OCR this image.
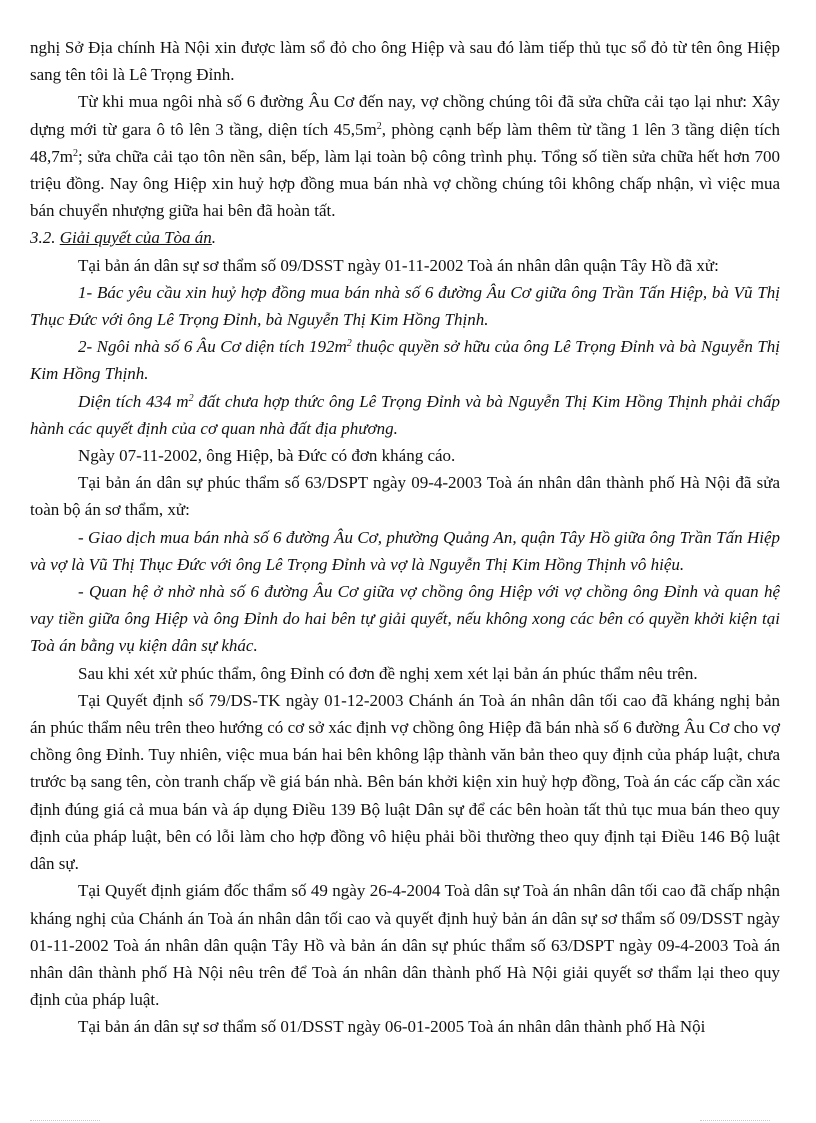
nghị Sở Địa chính Hà Nội xin được làm sổ đỏ cho ông Hiệp và sau đó làm tiếp thủ tục sổ đỏ từ tên ông Hiệp sang tên tôi là Lê Trọng Đỉnh.

Từ khi mua ngôi nhà số 6 đường Âu Cơ đến nay, vợ chồng chúng tôi đã sửa chữa cải tạo lại như: Xây dựng mới từ gara ô tô lên 3 tầng, diện tích $45,5m^2$, phòng cạnh bếp làm thêm từ tầng 1 lên 3 tầng diện tích $48,7m^2$; sửa chữa cải tạo tôn nền sân, bếp, làm lại toàn bộ công trình phụ. Tổng số tiền sửa chữa hết hơn 700 triệu đồng. Nay ông Hiệp xin huỷ hợp đồng mua bán nhà vợ chồng chúng tôi không chấp nhận, vì việc mua bán chuyển nhượng giữa hai bên đã hoàn tất.

3.2. Giải quyết của Tòa án.

Tại bản án dân sự sơ thẩm số 09/DSST ngày 01-11-2002 Toà án nhân dân quận Tây Hồ đã xử:

1- Bác yêu cầu xin huỷ hợp đồng mua bán nhà số 6 đường Âu Cơ giữa ông Trần Tấn Hiệp, bà Vũ Thị Thục Đức với ông Lê Trọng Đỉnh, bà Nguyễn Thị Kim Hồng Thịnh.

2- Ngôi nhà số 6 Âu Cơ diện tích $192m^2$ thuộc quyền sở hữu của ông Lê Trọng Đỉnh và bà Nguyễn Thị Kim Hồng Thịnh.

Diện tích 434 $m^2$ đất chưa hợp thức ông Lê Trọng Đỉnh và bà Nguyễn Thị Kim Hồng Thịnh phải chấp hành các quyết định của cơ quan nhà đất địa phương.

Ngày 07-11-2002, ông Hiệp, bà Đức có đơn kháng cáo.

Tại bản án dân sự phúc thẩm số 63/DSPT ngày 09-4-2003 Toà án nhân dân thành phố Hà Nội đã sửa toàn bộ án sơ thẩm, xử:

- Giao dịch mua bán nhà số 6 đường Âu Cơ, phường Quảng An, quận Tây Hồ giữa ông Trần Tấn Hiệp và vợ là Vũ Thị Thục Đức với ông Lê Trọng Đỉnh và vợ là Nguyễn Thị Kim Hồng Thịnh vô hiệu.

- Quan hệ ở nhờ nhà số 6 đường Âu Cơ giữa vợ chồng ông Hiệp với vợ chồng ông Đỉnh và quan hệ vay tiền giữa ông Hiệp và ông Đỉnh do hai bên tự giải quyết, nếu không xong các bên có quyền khởi kiện tại Toà án bằng vụ kiện dân sự khác.

Sau khi xét xử phúc thẩm, ông Đỉnh có đơn đề nghị xem xét lại bản án phúc thẩm nêu trên.

Tại Quyết định số 79/DS-TK ngày 01-12-2003 Chánh án Toà án nhân dân tối cao đã kháng nghị bản án phúc thẩm nêu trên theo hướng có cơ sở xác định vợ chồng ông Hiệp đã bán nhà số 6 đường Âu Cơ cho vợ chồng ông Đỉnh. Tuy nhiên, việc mua bán hai bên không lập thành văn bản theo quy định của pháp luật, chưa trước bạ sang tên, còn tranh chấp về giá bán nhà. Bên bán khởi kiện xin huỷ hợp đồng, Toà án các cấp cần xác định đúng giá cả mua bán và áp dụng Điều 139 Bộ luật Dân sự để các bên hoàn tất thủ tục mua bán theo quy định của pháp luật, bên có lỗi làm cho hợp đồng vô hiệu phải bồi thường theo quy định tại Điều 146 Bộ luật dân sự.

Tại Quyết định giám đốc thẩm số 49 ngày 26-4-2004 Toà dân sự Toà án nhân dân tối cao đã chấp nhận kháng nghị của Chánh án Toà án nhân dân tối cao và quyết định huỷ bản án dân sự sơ thẩm số 09/DSST ngày 01-11-2002 Toà án nhân dân quận Tây Hồ và bản án dân sự phúc thẩm số 63/DSPT ngày 09-4-2003 Toà án nhân dân thành phố Hà Nội nêu trên để Toà án nhân dân thành phố Hà Nội giải quyết sơ thẩm lại theo quy định của pháp luật.

Tại bản án dân sự sơ thẩm số 01/DSST ngày 06-01-2005 Toà án nhân dân thành phố Hà Nội
